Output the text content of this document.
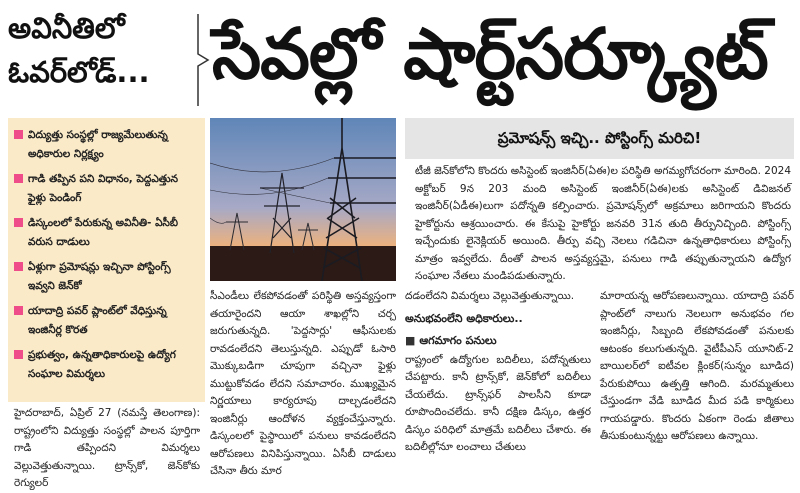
అవినీతిలో
ఓవర్‌లోడ్... సేవల్లో షార్ట్‌సర్క్యూట్
విద్యుత్తు సంస్థల్లో రాజ్యమేలుతున్న అధికారుల నిర్లక్ష్యం
గాడి తప్పిన పని విధానం, పెద్దఎత్తున ఫైళ్లు పెండింగ్
డిస్కంలలో పేరుకున్న అవినీతి- ఏసీబీ వరుస దాడులు
ఏళ్లుగా ప్రమోషన్లు ఇచ్చినా పోస్టింగ్స్ ఇవ్వని జెన్‌కో
యాదాద్రి పవర్ ప్లాంట్‌లో వేధిస్తున్న ఇంజినీర్ల కొరత
ప్రభుత్వం, ఉన్నతాధికారులపై ఉద్యోగ సంఘాల విమర్శలు
ప్రమోషన్స్ ఇచ్చి.. పోస్టింగ్స్ మరిచి!
టీజీ జెన్‌కోలోని కొందరు అసిస్టెంట్ ఇంజినీర్(ఏఈ)ల పరిస్థితి అగమ్యగోచరంగా మారింది. 2024 అక్టోబర్ 9న 203 మంది అసిస్టెంట్ ఇంజినీర్(ఏఈ)లకు అసిస్టెంట్ డివిజనల్ ఇంజినీర్(ఏడీఈ)లుగా పదోన్నతి కల్పించారు. ప్రమోషన్స్‌లో అక్రమాలు జరిగాయని కొందరు హైకోర్టును ఆశ్రయించారు. ఈ కేసుపై హైకోర్టు జనవరి 31న తుది తీర్పునిచ్చింది. పోస్టింగ్స్ ఇచ్చేందుకు లైనెక్లియర్ అయింది. తీర్పు వచ్చి నెలలు గడిచినా ఉన్నతాధికారులు పోస్టింగ్స్ మాత్రం ఇవ్వలేదు. దీంతో పాలన అస్తవ్యస్తమై, పనులు గాడి తప్పుతున్నాయని ఉద్యోగ సంఘాల నేతలు మండిపడుతున్నారు.
హైదరాబాద్, ఏప్రిల్ 27 (నమస్తే తెలంగాణ): రాష్ట్రంలోని విద్యుత్తు సంస్థల్లో పాలన పూర్తిగా గాడి తప్పిందని విమర్శలు వెల్లువెత్తుతున్నాయి. ట్రాన్స్‌కో, జెన్‌కోకు రెగ్యులర్
సీఎండీలు లేకపోవడంతో పరిస్థితి అస్తవ్యస్తంగా తయారైందని ఆయా శాఖల్లోని చర్చ జరుగుతున్నది. 'పెద్దసార్లు' ఆఫీసులకు రావడంలేదని తెలుస్తున్నది. ఎప్పుడో ఓసారి మొక్కుబడిగా చూపుగా వచ్చినా ఫైళ్లు ముట్టుకోవడం లేదని సమాచారం. ముఖ్యమైన నిర్ణయాలు కార్యరూపు దాల్చడంలేదని ఇంజినీర్లు ఆందోళన వ్యక్తంచేస్తున్నారు. డిస్కంలలో పైస్థాయిలో పనులు కావడంలేదని ఆరోపణలు వినిపిస్తున్నాయి. ఏసీబీ దాడులు చేసినా తీరు మార

దడంలేదని విమర్శలు వెల్లువెత్తుతున్నాయి.

అనుభవంలేని అధికారులు..
■ ఆగమాగం పనులు

రాష్ట్రంలో ఉద్యోగుల బదిలీలు, పదోన్నతులు చేపట్టారు. కానీ ట్రాన్స్‌కో, జెన్‌కోలో బదిలీలు చేయలేదు. ట్రాన్స్‌ఫర్ పాలసీని కూడా రూపొందించలేదు. కానీ దక్షిణ డిస్కం, ఉత్తర డిస్కం పరిధిలో మాత్రమే బదిలీలు చేశారు. ఈ బదిలీల్లోనూ లంచాలు చేతులు

మారాయన్న ఆరోపణలున్నాయి. యాదాద్రి పవర్ ప్లాంట్‌లో నాలుగు నెలలుగా అనుభవం గల ఇంజినీర్లు, సిబ్బంది లేకపోవడంతో పనులకు ఆటంకం కలుగుతున్నది. వైటీపీఎస్ యూనిట్-2 బాయిలర్‌లో ఐటీవల క్లింకర్(సున్నం బూడిద) పేరుకుపోయి ఉత్పత్తి ఆగింది. మరమ్మతులు చేస్తుండగా వేడి బూడిద మీద పడి కార్మికులు గాయపడ్డారు. కొందరు ఏకంగా రెండు జీతాలు తీసుకుంటున్నట్టు ఆరోపణలు ఉన్నాయి.
